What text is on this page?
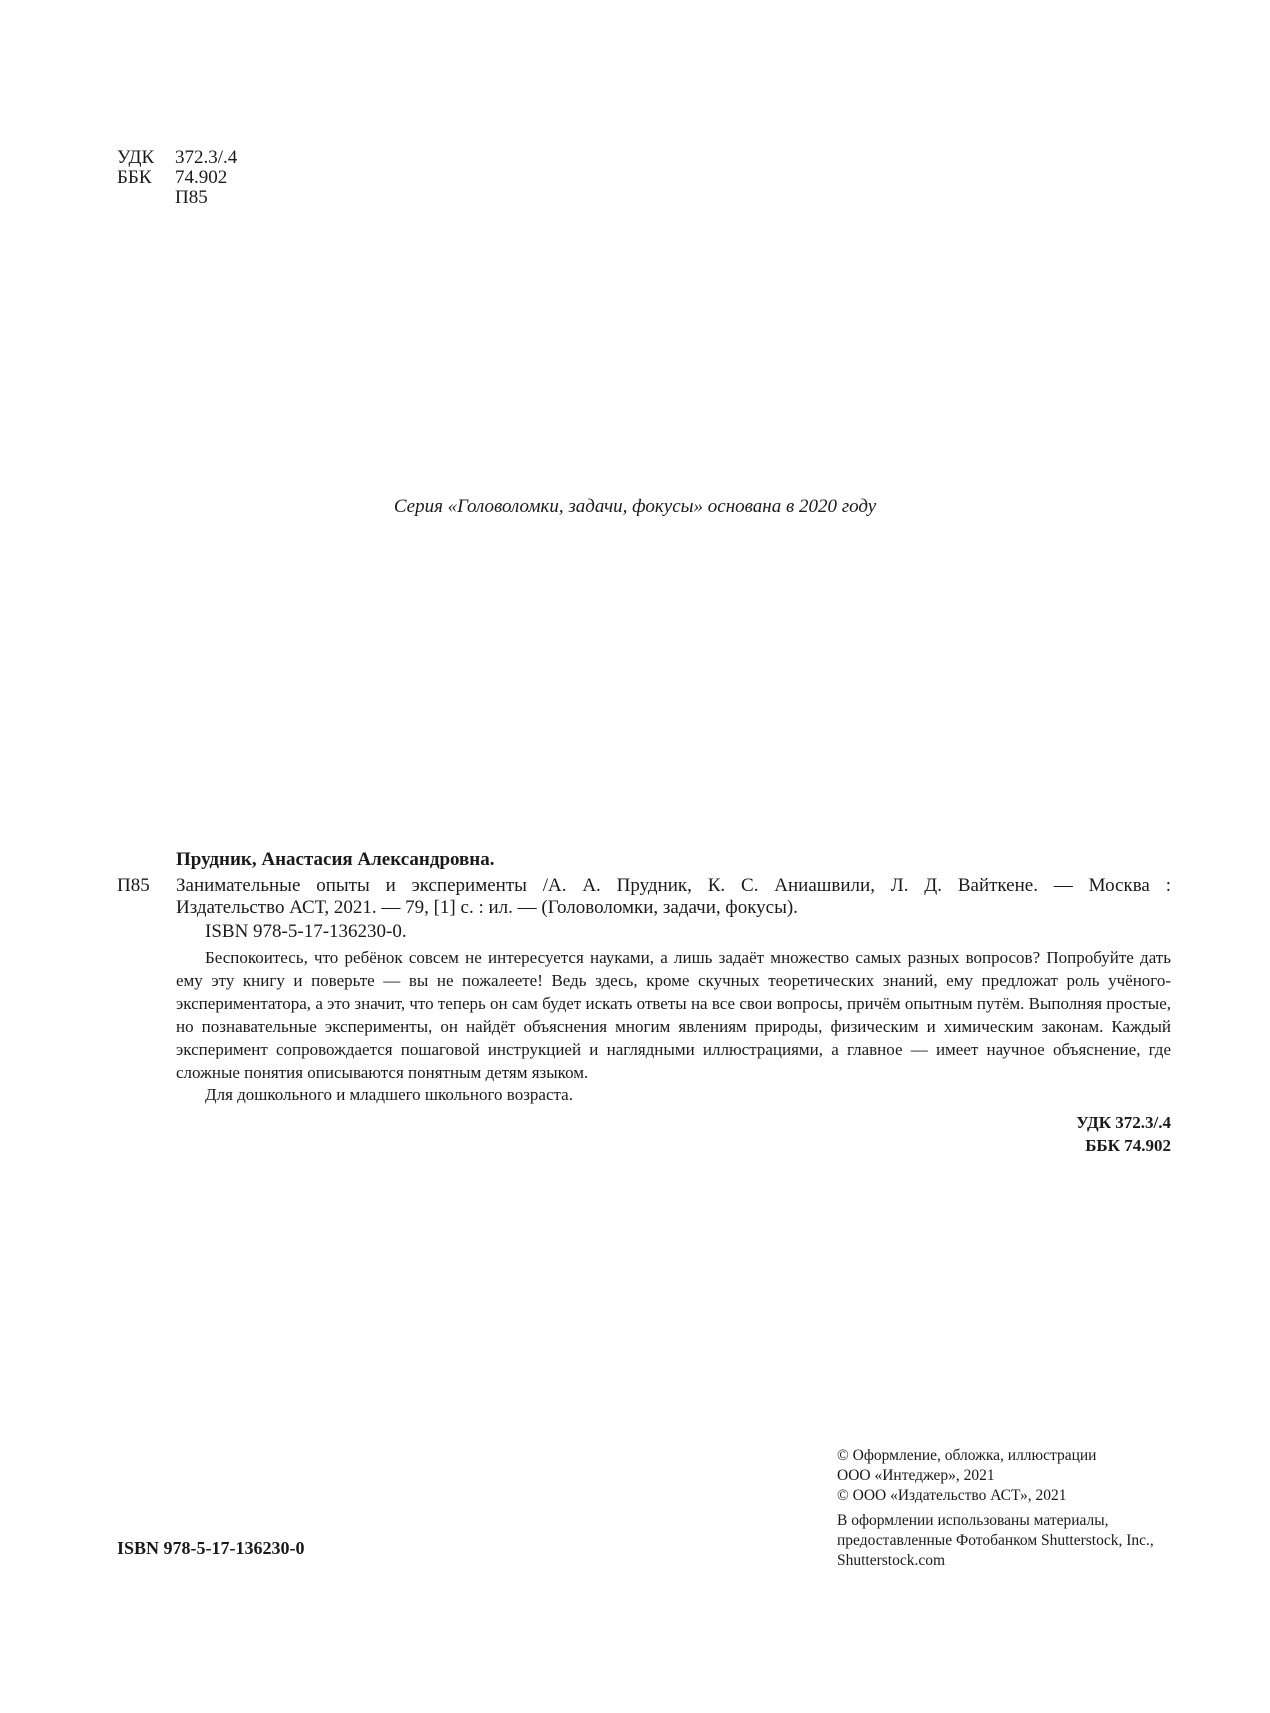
УДК 372.3/.4
ББК 74.902
П85
Серия «Головоломки, задачи, фокусы» основана в 2020 году
Прудник, Анастасия Александровна.
П85 Занимательные опыты и эксперименты /А. А. Прудник, К. С. Аниашвили, Л. Д. Вайткене. — Москва :
Издательство АСТ, 2021. — 79, [1] с. : ил. — (Головоломки, задачи, фокусы).
ISBN 978-5-17-136230-0.

Беспокоитесь, что ребёнок совсем не интересуется науками, а лишь задаёт множество самых разных вопросов? Попробуйте дать ему эту книгу и поверьте — вы не пожалеете! Ведь здесь, кроме скучных теоретических знаний, ему предложат роль учёного-экспериментатора, а это значит, что теперь он сам будет искать ответы на все свои вопросы, причём опытным путём. Выполняя простые, но познавательные эксперименты, он найдёт объяснения многим явлениям природы, физическим и химическим законам. Каждый эксперимент сопровождается пошаговой инструкцией и наглядными иллюстрациями, а главное — имеет научное объяснение, где сложные понятия описываются понятным детям языком.

Для дошкольного и младшего школьного возраста.
УДК 372.3/.4
ББК 74.902
ISBN 978-5-17-136230-0
© Оформление, обложка, иллюстрации
ООО «Интеджер», 2021
© ООО «Издательство АСТ», 2021
В оформлении использованы материалы,
предоставленные Фотобанком Shutterstock, Inc.,
Shutterstock.com
